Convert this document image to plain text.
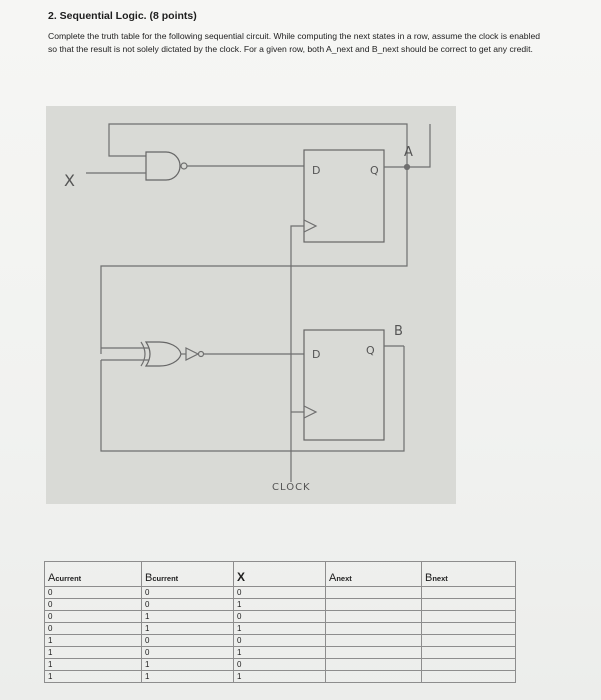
2. Sequential Logic. (8 points)
Complete the truth table for the following sequential circuit. While computing the next states in a row, assume the clock is enabled so that the result is not solely dictated by the clock. For a given row, both A_next and B_next should be correct to get any credit.
X
D	Q
A
D	Q
B
CLOCK
Acurrent	Bcurrent	X	Anext	Bnext
0	0	0		
0	0	1		
0	1	0		
0	1	1		
1	0	0		
1	0	1		
1	1	0		
1	1	1		
